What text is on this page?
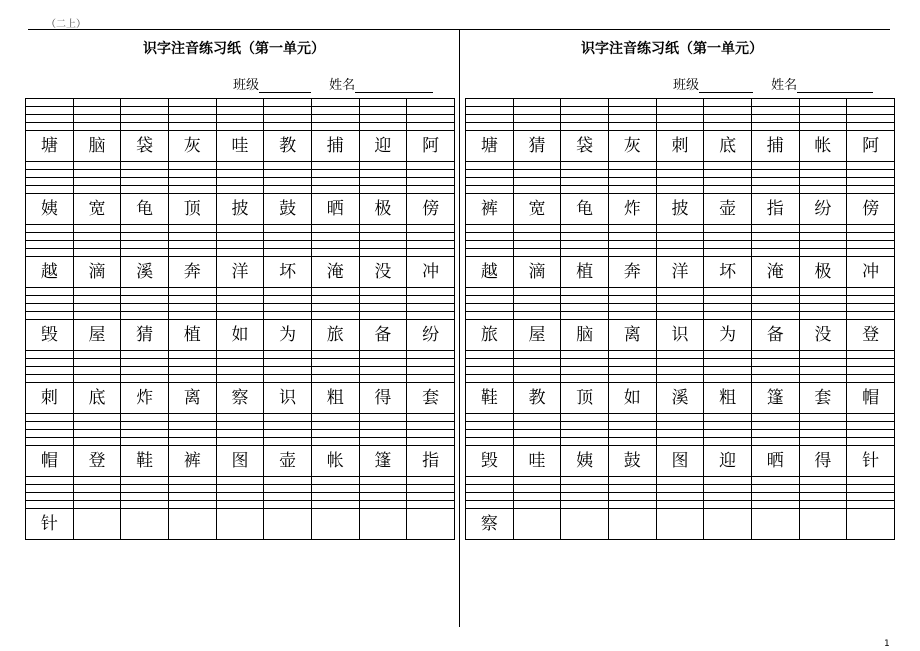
（二上）
1
识字注音练习纸（第一单元）
班级	姓名

塘	脑	袋	灰	哇	教	捕	迎	阿

姨	宽	龟	顶	披	鼓	晒	极	傍

越	滴	溪	奔	洋	坏	淹	没	冲

毁	屋	猜	植	如	为	旅	备	纷

刺	底	炸	离	察	识	粗	得	套

帽	登	鞋	裤	图	壶	帐	篷	指

针								
识字注音练习纸（第一单元）
班级	姓名

塘	猜	袋	灰	刺	底	捕	帐	阿

裤	宽	龟	炸	披	壶	指	纷	傍

越	滴	植	奔	洋	坏	淹	极	冲

旅	屋	脑	离	识	为	备	没	登

鞋	教	顶	如	溪	粗	篷	套	帽

毁	哇	姨	鼓	图	迎	晒	得	针

察								
